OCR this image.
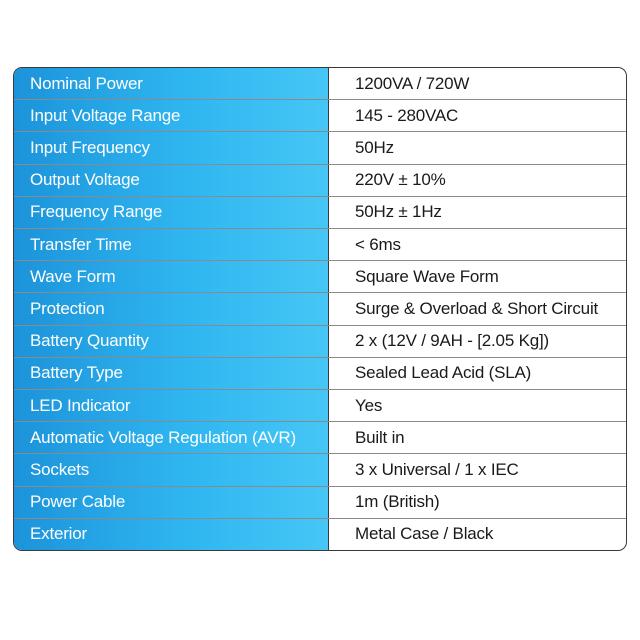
Nominal Power	1200VA / 720W
Input Voltage Range	145 - 280VAC
Input Frequency	50Hz
Output Voltage	220V ± 10%
Frequency Range	50Hz ± 1Hz
Transfer Time	< 6ms
Wave Form	Square Wave Form
Protection	Surge & Overload & Short Circuit
Battery Quantity	2 x (12V / 9AH - [2.05 Kg])
Battery Type	Sealed Lead Acid (SLA)
LED Indicator	Yes
Automatic Voltage Regulation (AVR)	Built in
Sockets	3 x Universal / 1 x IEC
Power Cable	1m (British)
Exterior	Metal Case / Black
